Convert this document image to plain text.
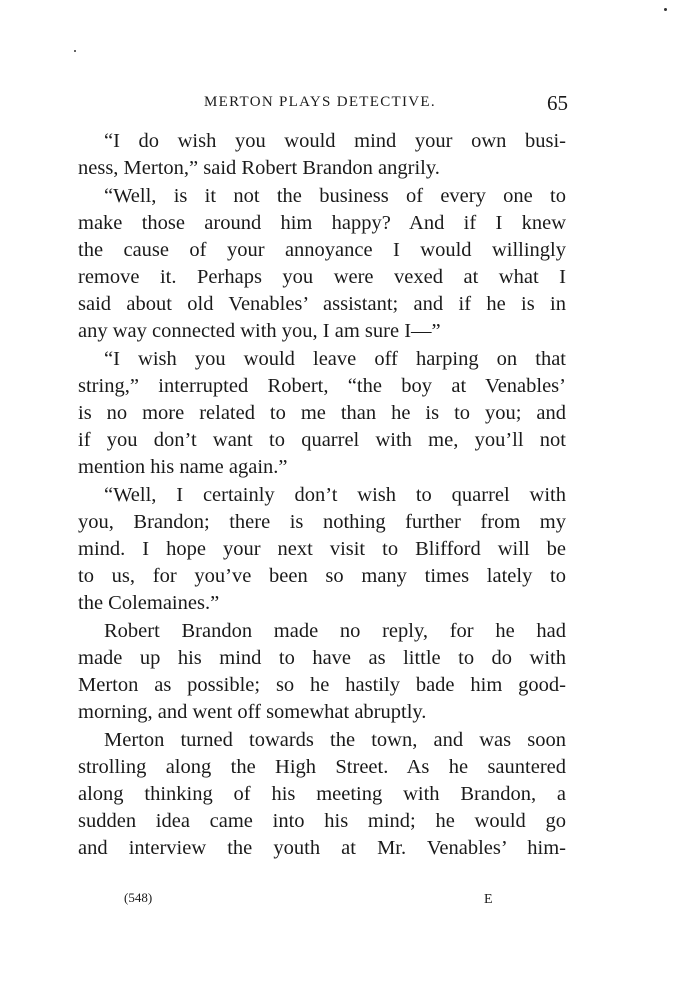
MERTON PLAYS DETECTIVE.	65
“I do wish you would mind your own busi-
ness, Merton,” said Robert Brandon angrily.
“Well, is it not the business of every one to
make those around him happy? And if I knew
the cause of your annoyance I would willingly
remove it. Perhaps you were vexed at what I
said about old Venables’ assistant; and if he is in
any way connected with you, I am sure I—”
“I wish you would leave off harping on that
string,” interrupted Robert, “the boy at Venables’
is no more related to me than he is to you; and
if you don’t want to quarrel with me, you’ll not
mention his name again.”
“Well, I certainly don’t wish to quarrel with
you, Brandon; there is nothing further from my
mind. I hope your next visit to Blifford will be
to us, for you’ve been so many times lately to
the Colemaines.”
Robert Brandon made no reply, for he had
made up his mind to have as little to do with
Merton as possible; so he hastily bade him good-
morning, and went off somewhat abruptly.
Merton turned towards the town, and was soon
strolling along the High Street. As he sauntered
along thinking of his meeting with Brandon, a
sudden idea came into his mind; he would go
and interview the youth at Mr. Venables’ him-
(548)	E
